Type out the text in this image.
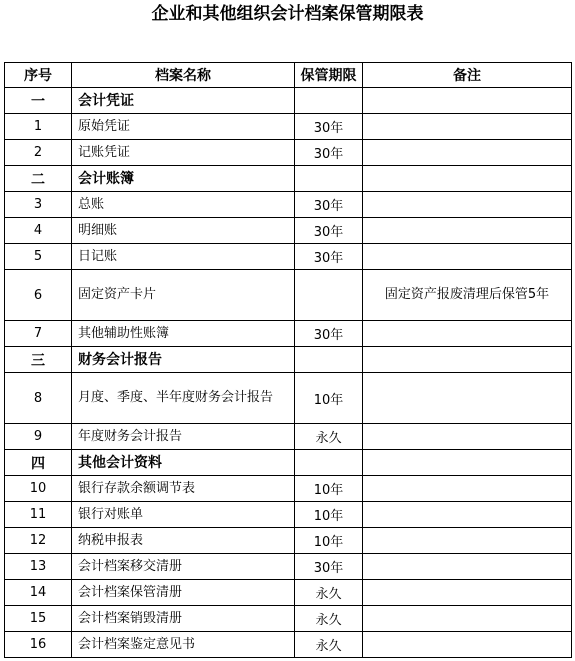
企业和其他组织会计档案保管期限表
序号	档案名称	保管期限	备注
一	会计凭证		
1	原始凭证	30年	
2	记账凭证	30年	
二	会计账簿		
3	总账	30年	
4	明细账	30年	
5	日记账	30年	
6	固定资产卡片		固定资产报废清理后保管5年
7	其他辅助性账簿	30年	
三	财务会计报告		
8	月度、季度、半年度财务会计报告	10年	
9	年度财务会计报告	永久	
四	其他会计资料		
10	银行存款余额调节表	10年	
11	银行对账单	10年	
12	纳税申报表	10年	
13	会计档案移交清册	30年	
14	会计档案保管清册	永久	
15	会计档案销毁清册	永久	
16	会计档案鉴定意见书	永久	
